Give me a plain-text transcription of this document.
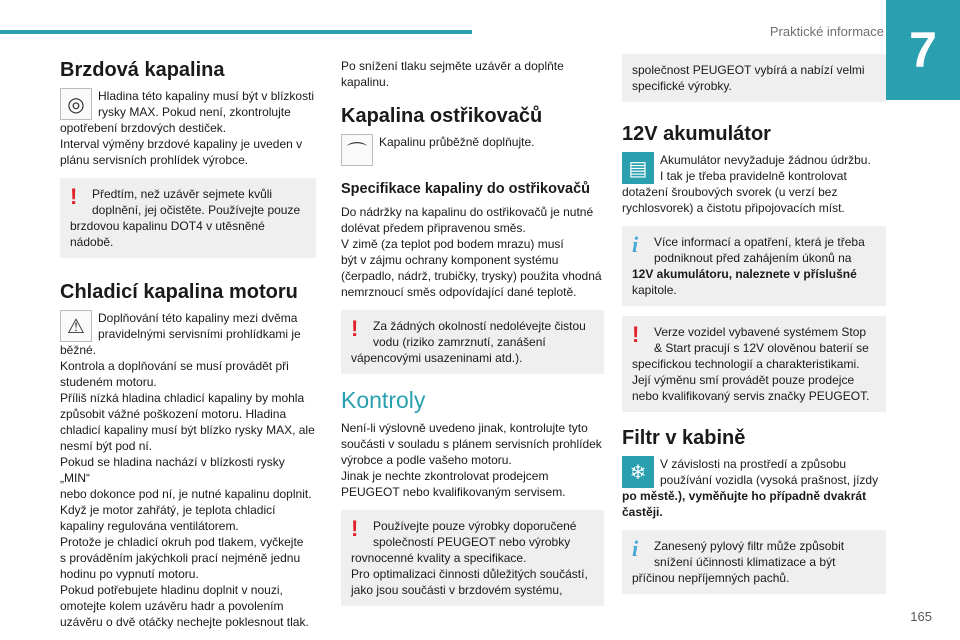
Praktické informace 7
165
Brzdová kapalina
◎	Hladina této kapaliny musí být v blízkosti
rysky MAX. Pokud není, zkontrolujte
opotřebení brzdových destiček.
Interval výměny brzdové kapaliny je uveden v
plánu servisních prohlídek výrobce.
!	Předtím, než uzávěr sejmete kvůli
doplnění, jej očistěte. Používejte pouze
brzdovou kapalinu DOT4 v utěsněné nádobě.
Chladicí kapalina motoru
⚠	Doplňování této kapaliny mezi dvěma
pravidelnými servisními prohlídkami je
běžné.
Kontrola a doplňování se musí provádět při
studeném motoru.
Příliš nízká hladina chladicí kapaliny by mohla
způsobit vážné poškození motoru. Hladina
chladicí kapaliny musí být blízko rysky MAX, ale
nesmí být pod ní.
Pokud se hladina nachází v blízkosti rysky „MIN“
nebo dokonce pod ní, je nutné kapalinu doplnit.
Když je motor zahřátý, je teplota chladicí
kapaliny regulována ventilátorem.
Protože je chladicí okruh pod tlakem, vyčkejte
s prováděním jakýchkoli prací nejméně jednu
hodinu po vypnutí motoru.
Pokud potřebujete hladinu doplnit v nouzi,
omotejte kolem uzávěru hadr a povolením
uzávěru o dvě otáčky nechejte poklesnout tlak.
Po snížení tlaku sejměte uzávěr a doplňte
kapalinu.
Kapalina ostřikovačů
⌒	Kapalinu průběžně doplňujte.
Specifikace kapaliny do ostřikovačů
Do nádržky na kapalinu do ostřikovačů je nutné
dolévat předem připravenou směs.
V zimě (za teplot pod bodem mrazu) musí
být v zájmu ochrany komponent systému
(čerpadlo, nádrž, trubičky, trysky) použita vhodná
nemrznoucí směs odpovídající dané teplotě.
!	Za žádných okolností nedolévejte čistou
vodu (riziko zamrznutí, zanášení
vápencovými usazeninami atd.).
Kontroly
Není-li výslovně uvedeno jinak, kontrolujte tyto
součásti v souladu s plánem servisních prohlídek
výrobce a podle vašeho motoru.
Jinak je nechte zkontrolovat prodejcem
PEUGEOT nebo kvalifikovaným servisem.
!	Používejte pouze výrobky doporučené
společností PEUGEOT nebo výrobky
rovnocenné kvality a specifikace.
Pro optimalizaci činnosti důležitých součástí,
jako jsou součásti v brzdovém systému,
společnost PEUGEOT vybírá a nabízí velmi
specifické výrobky.
12V akumulátor
▤	Akumulátor nevyžaduje žádnou údržbu.
I tak je třeba pravidelně kontrolovat
dotažení šroubových svorek (u verzí bez
rychlosvorek) a čistotu připojovacích míst.
i	Více informací a opatření, která je třeba
podniknout před zahájením úkonů na
12V akumulátoru, naleznete v příslušné
kapitole.
!	Verze vozidel vybavené systémem Stop
& Start pracují s 12V olověnou baterií se
specifickou technologií a charakteristikami.
Její výměnu smí provádět pouze prodejce
nebo kvalifikovaný servis značky PEUGEOT.
Filtr v kabině
❄	V závislosti na prostředí a způsobu
používání vozidla (vysoká prašnost, jízdy
po městě.), vyměňujte ho případně dvakrát
častěji.
i	Zanesený pylový filtr může způsobit
snížení účinnosti klimatizace a být
příčinou nepříjemných pachů.
